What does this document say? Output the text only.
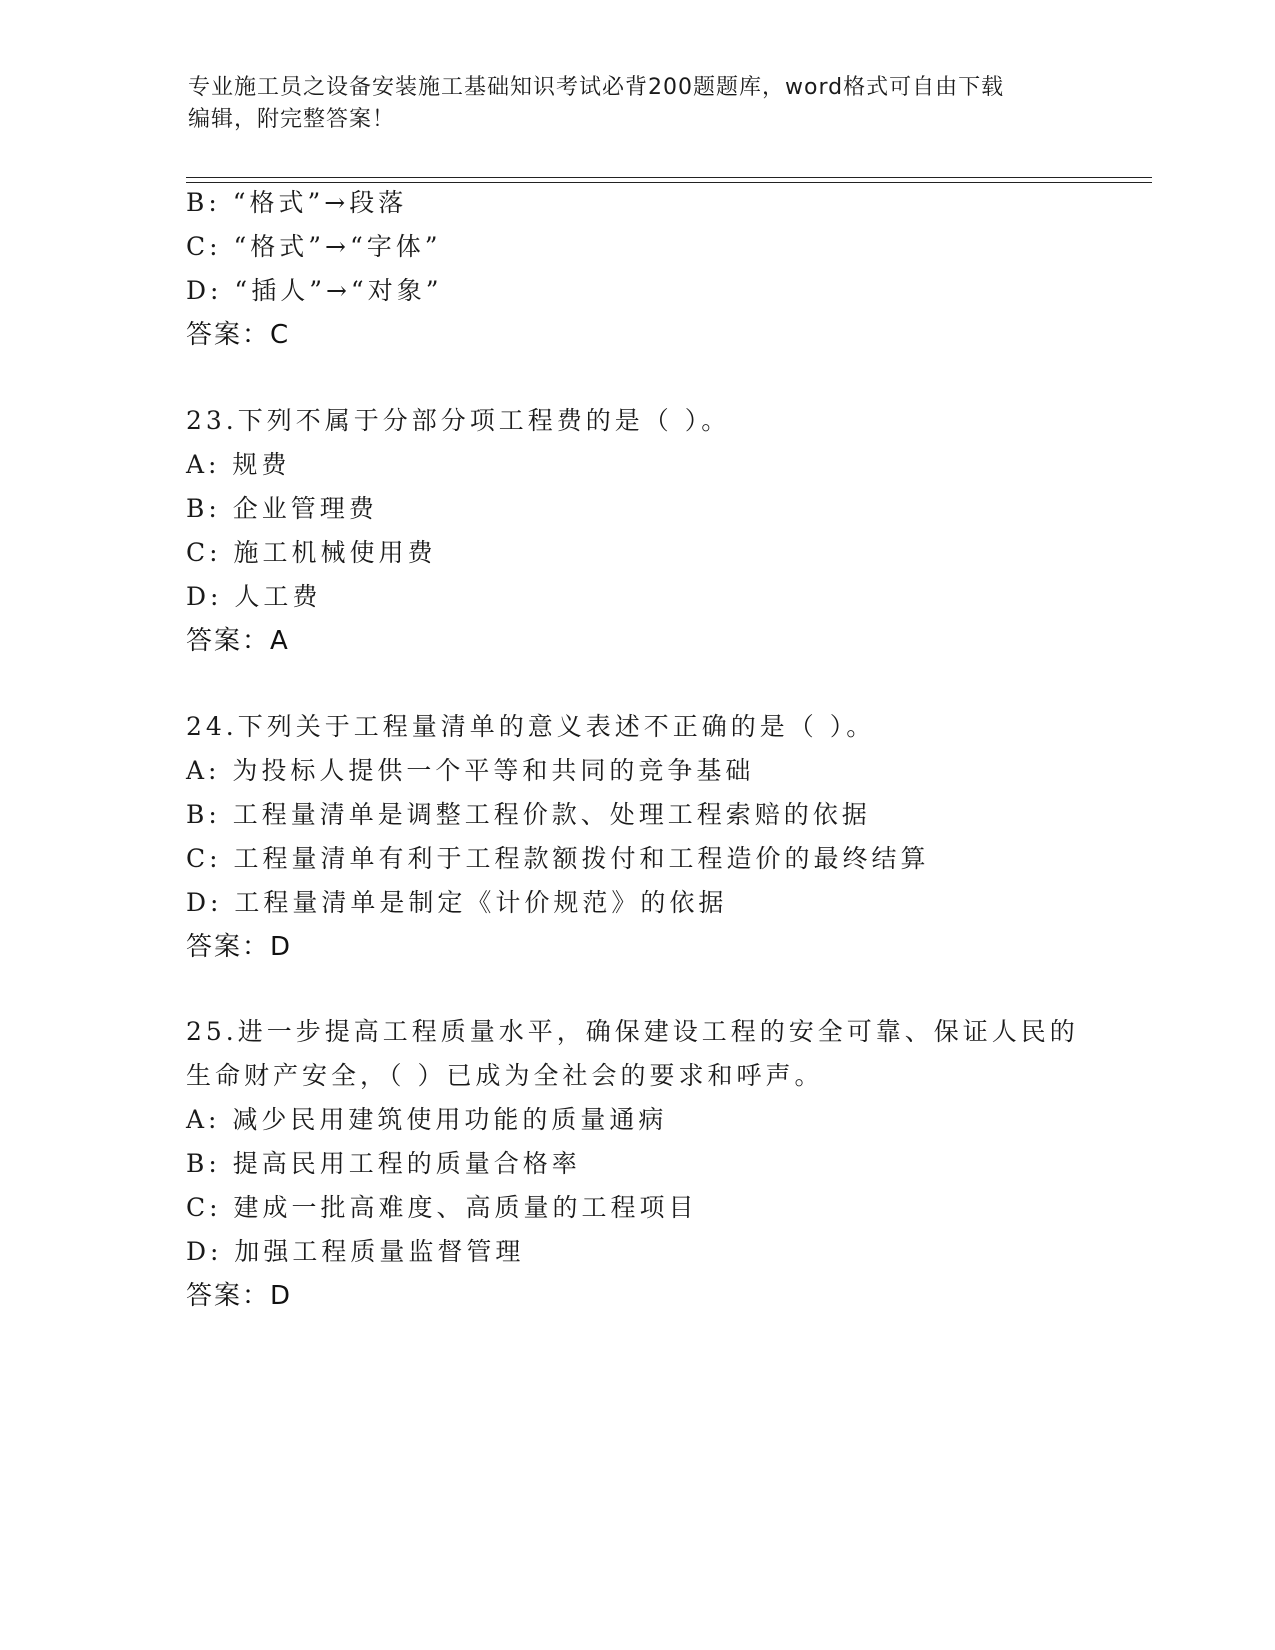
专业施工员之设备安装施工基础知识考试必背200题题库，word格式可自由下载
编辑，附完整答案！
B: “格式”→段落
C: “格式”→“字体”
D: “插人”→“对象”
答案：C
23.下列不属于分部分项工程费的是（ ）。
A: 规费
B: 企业管理费
C: 施工机械使用费
D: 人工费
答案：A
24.下列关于工程量清单的意义表述不正确的是（ ）。
A: 为投标人提供一个平等和共同的竞争基础
B: 工程量清单是调整工程价款、处理工程索赔的依据
C: 工程量清单有利于工程款额拨付和工程造价的最终结算
D: 工程量清单是制定《计价规范》的依据
答案：D
25.进一步提高工程质量水平，确保建设工程的安全可靠、保证人民的
生命财产安全，（ ）已成为全社会的要求和呼声。
A: 减少民用建筑使用功能的质量通病
B: 提高民用工程的质量合格率
C: 建成一批高难度、高质量的工程项目
D: 加强工程质量监督管理
答案：D
